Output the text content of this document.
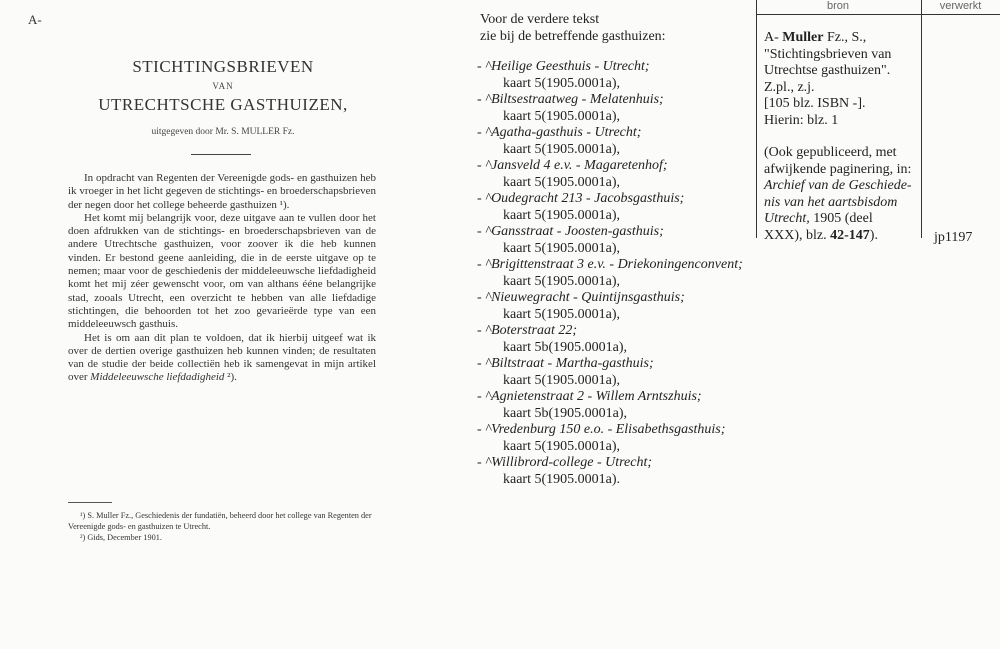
A-
STICHTINGSBRIEVEN
VAN
UTRECHTSCHE GASTHUIZEN,
uitgegeven door Mr. S. MULLER Fz.

In opdracht van Regenten der Vereenigde gods- en gasthuizen heb ik vroeger in het licht gegeven de stichtings- en broederschapsbrieven der negen door het college beheerde gasthuizen ¹).

Het komt mij belangrijk voor, deze uitgave aan te vullen door het doen afdrukken van de stichtings- en broederschapsbrieven van de andere Utrechtsche gasthuizen, voor zoover ik die heb kunnen vinden. Er bestond geene aanleiding, die in de eerste uitgave op te nemen; maar voor de geschiedenis der middeleeuwsche liefdadigheid komt het mij zéer gewenscht voor, om van althans ééne belangrijke stad, zooals Utrecht, een overzicht te hebben van alle liefdadige stichtingen, die behoorden tot het zoo gevarieërde type van een middeleeuwsch gasthuis.

Het is om aan dit plan te voldoen, dat ik hierbij uitgeef wat ik over de dertien overige gasthuizen heb kunnen vinden; de resultaten van de studie der beide collectiën heb ik samengevat in mijn artikel over Middeleeuwsche liefdadigheid ²).

¹) S. Muller Fz., Geschiedenis der fundatiën, beheerd door het college van Regenten der Vereenigde gods- en gasthuizen te Utrecht.
²) Gids, December 1901.
Voor de verdere tekst
zie bij de betreffende gasthuizen:
- ^Heilige Geesthuis - Utrecht;
kaart 5(1905.0001a),
- ^Biltsestraatweg - Melatenhuis;
kaart 5(1905.0001a),
- ^Agatha-gasthuis - Utrecht;
kaart 5(1905.0001a),
- ^Jansveld 4 e.v. - Magaretenhof;
kaart 5(1905.0001a),
- ^Oudegracht 213 - Jacobsgasthuis;
kaart 5(1905.0001a),
- ^Gansstraat - Joosten-gasthuis;
kaart 5(1905.0001a),
- ^Brigittenstraat 3 e.v. - Driekoningenconvent;
kaart 5(1905.0001a),
- ^Nieuwegracht - Quintijnsgasthuis;
kaart 5(1905.0001a),
- ^Boterstraat 22;
kaart 5b(1905.0001a),
- ^Biltstraat - Martha-gasthuis;
kaart 5(1905.0001a),
- ^Agnietenstraat 2 - Willem Arntszhuis;
kaart 5b(1905.0001a),
- ^Vredenburg 150 e.o. - Elisabethsgasthuis;
kaart 5(1905.0001a),
- ^Willibrord-college - Utrecht;
kaart 5(1905.0001a).
bron	verwerkt
A- Muller Fz., S.,
"Stichtingsbrieven van
Utrechtse gasthuizen".
Z.pl., z.j.
[105 blz. ISBN -].
Hierin: blz. 1
(Ook gepubliceerd, met
afwijkende paginering, in:
Archief van de Geschiede-
nis van het aartsbisdom
Utrecht, 1905 (deel
XXX), blz. 42-147).	jp1197
